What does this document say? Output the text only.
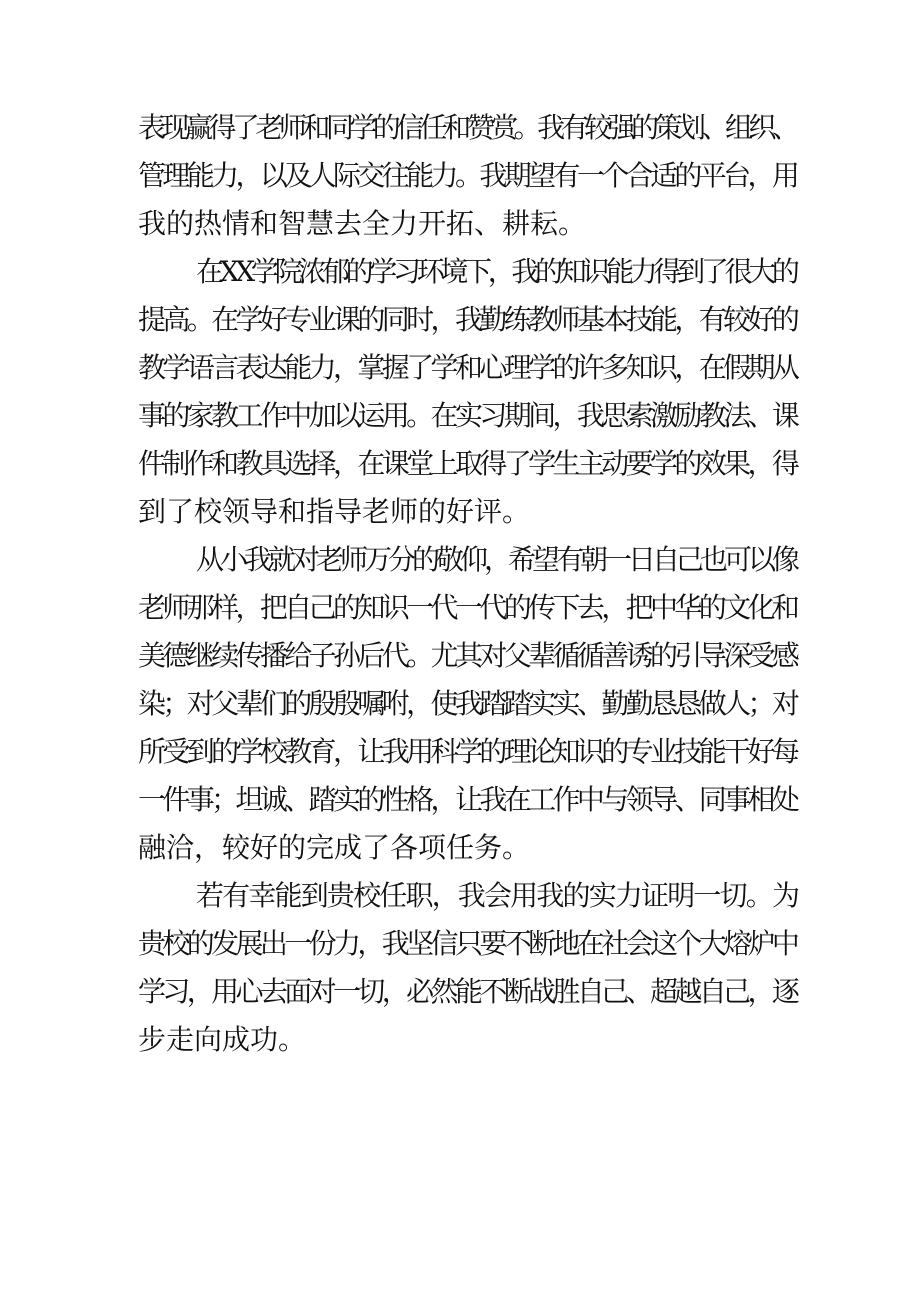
表现赢得了老师和同学的信任和赞赏。我有较强的策划、组织、
管理能力，以及人际交往能力。我期望有一个合适的平台，用
我的热情和智慧去全力开拓、耕耘。
在XX学院浓郁的学习环境下，我的知识能力得到了很大的
提高。在学好专业课的同时，我勤练教师基本技能，有较好的
教学语言表达能力，掌握了学和心理学的许多知识，在假期从
事的家教工作中加以运用。在实习期间，我思索激励教法、课
件制作和教具选择，在课堂上取得了学生主动要学的效果，得
到了校领导和指导老师的好评。
从小我就对老师万分的敬仰，希望有朝一日自己也可以像
老师那样，把自己的知识一代一代的传下去，把中华的文化和
美德继续传播给子孙后代。尤其对父辈循循善诱的引导深受感
染；对父辈们的殷殷嘱咐，使我踏踏实实、勤勤恳恳做人；对
所受到的学校教育，让我用科学的理论知识的专业技能干好每
一件事；坦诚、踏实的性格，让我在工作中与领导、同事相处
融洽，较好的完成了各项任务。
若有幸能到贵校任职，我会用我的实力证明一切。为
贵校的发展出一份力，我坚信只要不断地在社会这个大熔炉中
学习，用心去面对一切，必然能不断战胜自己、超越自己，逐
步走向成功。
